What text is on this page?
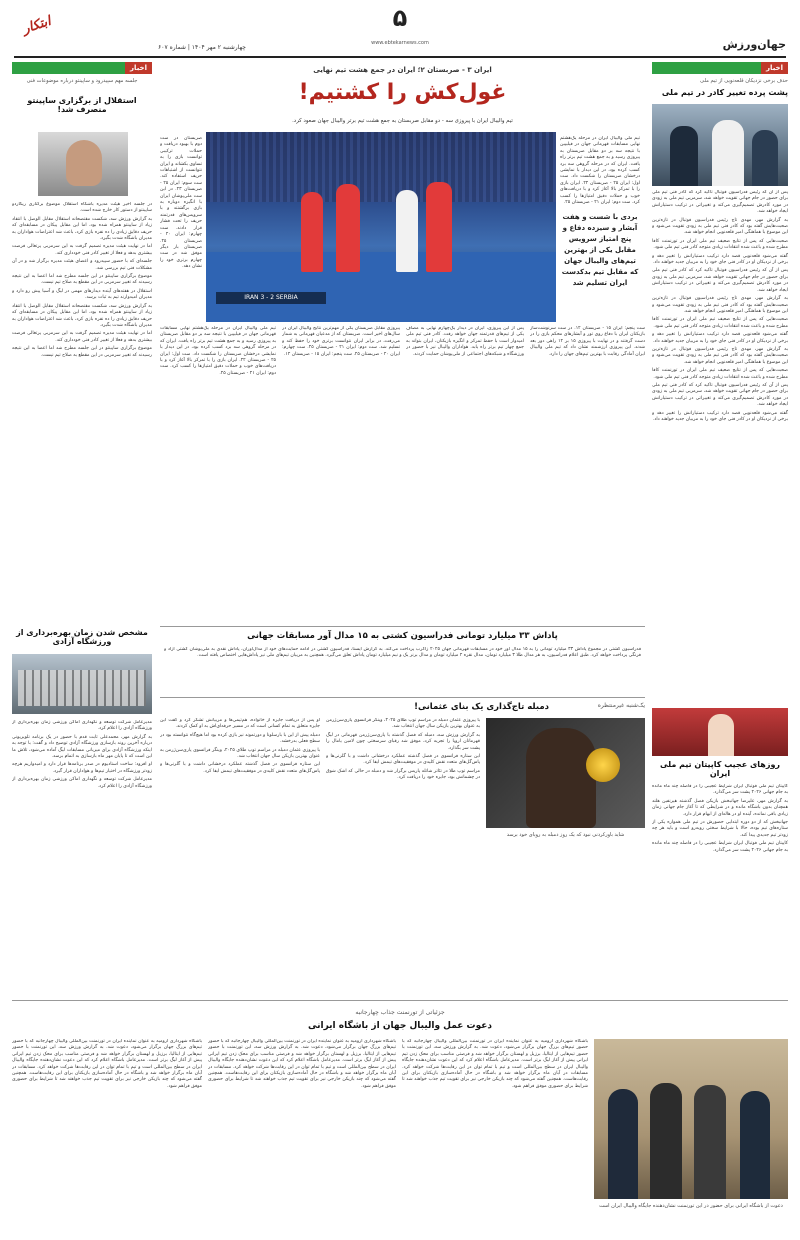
ابتکار
چهارشنبه ۲ مهر ۱۴۰۴ | شماره ۶۰۷
۵
www.ebtekarnews.com	جهان‌ورزش
اخبار
حذف برخی نزدیکان قلعه‌نویی از تیم ملی
پشت پرده تغییر کادر در تیم ملی

پس از آن که رئیس فدراسیون فوتبال تاکید کرد که کادر فنی تیم ملی برای حضور در جام جهانی تقویت خواهد شد، سرمربی تیم ملی به زودی در مورد کادرش تصمیم‌گیری می‌کند و تغییراتی در ترکیب دستیارانش ایجاد خواهد شد.

به گزارش مهر، مهدی تاج رئیس فدراسیون فوتبال در تازه‌ترین صحبت‌هایش گفته بود که کادر فنی تیم ملی به زودی تقویت می‌شود و این موضوع با هماهنگی امیر قلعه‌نویی انجام خواهد شد.

صحبت‌هایی که پس از نتایج ضعیف تیم ملی ایران در تورنمنت کافا مطرح شده و باعث شده انتقادات زیادی متوجه کادر فنی تیم ملی شود.

گفته می‌شود قلعه‌نویی قصد دارد ترکیب دستیارانش را تغییر دهد و برخی از نزدیکان او در کادر فنی جای خود را به مربیان جدید خواهند داد.

پس از آن که رئیس فدراسیون فوتبال تاکید کرد که کادر فنی تیم ملی برای حضور در جام جهانی تقویت خواهد شد، سرمربی تیم ملی به زودی در مورد کادرش تصمیم‌گیری می‌کند و تغییراتی در ترکیب دستیارانش ایجاد خواهد شد.

به گزارش مهر، مهدی تاج رئیس فدراسیون فوتبال در تازه‌ترین صحبت‌هایش گفته بود که کادر فنی تیم ملی به زودی تقویت می‌شود و این موضوع با هماهنگی امیر قلعه‌نویی انجام خواهد شد.

صحبت‌هایی که پس از نتایج ضعیف تیم ملی ایران در تورنمنت کافا مطرح شده و باعث شده انتقادات زیادی متوجه کادر فنی تیم ملی شود.

گفته می‌شود قلعه‌نویی قصد دارد ترکیب دستیارانش را تغییر دهد و برخی از نزدیکان او در کادر فنی جای خود را به مربیان جدید خواهند داد.

به گزارش مهر، مهدی تاج رئیس فدراسیون فوتبال در تازه‌ترین صحبت‌هایش گفته بود که کادر فنی تیم ملی به زودی تقویت می‌شود و این موضوع با هماهنگی امیر قلعه‌نویی انجام خواهد شد.

صحبت‌هایی که پس از نتایج ضعیف تیم ملی ایران در تورنمنت کافا مطرح شده و باعث شده انتقادات زیادی متوجه کادر فنی تیم ملی شود.

پس از آن که رئیس فدراسیون فوتبال تاکید کرد که کادر فنی تیم ملی برای حضور در جام جهانی تقویت خواهد شد، سرمربی تیم ملی به زودی در مورد کادرش تصمیم‌گیری می‌کند و تغییراتی در ترکیب دستیارانش ایجاد خواهد شد.

گفته می‌شود قلعه‌نویی قصد دارد ترکیب دستیارانش را تغییر دهد و برخی از نزدیکان او در کادر فنی جای خود را به مربیان جدید خواهند داد.

روزهای عجیب کاپیتان تیم ملی ایران

کاپیتان تیم ملی فوتبال ایران شرایط عجیبی را در فاصله چند ماه مانده به جام جهانی ۲۰۲۶ پشت سر می‌گذارد.

به گزارش مهر، علیرضا جهانبخش بازیکن فصل گذشته هیرنفین هلند همچنان بدون باشگاه مانده و در شرایطی که تا آغاز جام جهانی زمان زیادی باقی نمانده، آینده او در هاله‌ای از ابهام قرار دارد.

جهانبخش که از دو دوره ابتدایی حضورش در تیم ملی همواره یکی از ستاره‌های تیم بوده، حالا با شرایط سختی روبه‌رو است و باید هر چه زودتر تیم جدیدی پیدا کند.

کاپیتان تیم ملی فوتبال ایران شرایط عجیبی را در فاصله چند ماه مانده به جام جهانی ۲۰۲۶ پشت سر می‌گذارد.

اخبار
جلسه مهم سپیدرود و ساپینتو درباره موضوعات فنی
استقلال از برگزاری ساپینتو منصرف شد!

در جلسه اخیر هیئت مدیره باشگاه استقلال موضوع برکناری ریکاردو ساپینتو از دستور کار خارج شده است.

به گزارش ورزش سه، شکست مقتضحانه استقلال مقابل الوصل با انتقاد زیاد از ساپینتو همراه شده بود، اما این مقابل پیکان در مسابقه‌ای که حریف دقایق زیادی را ده نفره بازی کرد، باعث شد اعتراضات هواداران به مدیران باشگاه شدت بگیرد.

اما در نهایت هیئت مدیره تصمیم گرفت به این سرمربی پرتغالی فرصت بیشتری بدهد و فعلا از تغییر کادر فنی خودداری کند.

جلسه‌ای که با حضور سپیدرود و اعضای هیئت مدیره برگزار شد و در آن مشکلات فنی تیم بررسی شد.

موضوع برگزاری ساپینتو در این جلسه مطرح شد اما اعضا به این نتیجه رسیدند که تغییر سرمربی در این مقطع به صلاح تیم نیست.

استقلال در هفته‌های آینده دیدارهای مهمی در لیگ و آسیا پیش رو دارد و مدیران امیدوارند تیم به ثبات برسد.

به گزارش ورزش سه، شکست مقتضحانه استقلال مقابل الوصل با انتقاد زیاد از ساپینتو همراه شده بود، اما این مقابل پیکان در مسابقه‌ای که حریف دقایق زیادی را ده نفره بازی کرد، باعث شد اعتراضات هواداران به مدیران باشگاه شدت بگیرد.

اما در نهایت هیئت مدیره تصمیم گرفت به این سرمربی پرتغالی فرصت بیشتری بدهد و فعلا از تغییر کادر فنی خودداری کند.

موضوع برگزاری ساپینتو در این جلسه مطرح شد اما اعضا به این نتیجه رسیدند که تغییر سرمربی در این مقطع به صلاح تیم نیست.

مشخص شدن زمان بهره‌برداری از ورزشگاه آزادی

مدیرعامل شرکت توسعه و نگهداری اماکن ورزشی زمان بهره‌برداری از ورزشگاه آزادی را اعلام کرد.

به گزارش مهر، محمدعلی ثابت قدم با حضور در یک برنامه تلویزیونی درباره آخرین روند بازسازی ورزشگاه آزادی توضیح داد و گفت: با توجه به اینکه ورزشگاه آزادی برای میزبانی مسابقات لیگ آماده می‌شود، تلاش ما این است که تا پایان مهر ماه بازسازی به اتمام برسد.

او افزود: ساخت استادیوم در صدر برنامه‌ها قرار دارد و امیدواریم هرچه زودتر ورزشگاه در اختیار تیم‌ها و هواداران قرار گیرد.

مدیرعامل شرکت توسعه و نگهداری اماکن ورزشی زمان بهره‌برداری از ورزشگاه آزادی را اعلام کرد.

ایران ۳ - صربستان ۲؛ ایران در جمع هشت تیم نهایی
غول‌کش را کشتیم!
تیم والیبال ایران با پیروزی سه - دو مقابل صربستان به جمع هشت تیم برتر والیبال جهان صعود کرد.
IRAN 3 - 2 SERBIA
بردی با شست و هفت آبشار و سیزده دفاع و پنج امتیاز سرویس مقابل یکی از بهترین تیم‌های والیبال جهان که مقابل تیم بدکدست ایران تسلیم شد
تیم ملی والیبال ایران در مرحله یک‌هشتم نهایی مسابقات قهرمانی جهان در فیلیپین با نتیجه سه بر دو مقابل صربستان به پیروزی رسید و به جمع هشت تیم برتر راه یافت. ایران که در مرحله گروهی سه برد کسب کرده بود، در این دیدار با نمایشی درخشان صربستان را شکست داد. ست اول: ایران ۲۵ - صربستان ۲۲. ایران بازی را با تمرکز بالا آغاز کرد و با دریافت‌های خوب و حملات دقیق امتیازها را کسب کرد. ست دوم: ایران ۲۱ - صربستان ۲۵.
صربستان در ست دوم با بهبود دریافت و حملات ترکیبی توانست بازی را به تساوی بکشاند و ایران نتوانست از اشتباهات حریف استفاده کند. ست سوم: ایران ۲۵ - صربستان ۲۳. در این ست ملی‌پوشان ایران با انگیزه دوباره به بازی برگشتند و با سرویس‌های قدرتمند حریف را تحت فشار قرار دادند. ست چهارم: ایران ۲۰ - صربستان ۲۵. صربستان بار دیگر موفق شد در ست چهارم برتری خود را نشان دهد.
ست پنجم: ایران ۱۵ - صربستان ۱۲. در ست سرنوشت‌ساز بازیکنان ایران با دفاع روی تور و آبشارهای محکم بازی را در دست گرفتند و در نهایت با پیروزی ۱۵ بر ۱۲ راهی دور بعد شدند. این پیروزی ارزشمند نشان داد که تیم ملی والیبال ایران آمادگی رقابت با بهترین تیم‌های جهان را دارد.
پس از این پیروزی، ایران در دیدار یک‌چهارم نهایی به مصاف یکی از تیم‌های قدرتمند جهان خواهد رفت. کادر فنی تیم ملی امیدوار است با حفظ تمرکز و انگیزه بازیکنان، ایران بتواند به جمع چهار تیم برتر راه یابد. هواداران والیبال نیز با حضور در ورزشگاه و شبکه‌های اجتماعی از ملی‌پوشان حمایت کردند.
پیروزی مقابل صربستان یکی از مهم‌ترین نتایج والیبال ایران در سال‌های اخیر است. صربستان که از مدعیان قهرمانی به شمار می‌رفت، در برابر ایران نتوانست برتری خود را حفظ کند و تسلیم شد. ست دوم: ایران ۲۱ - صربستان ۲۵. ست چهارم: ایران ۲۰ - صربستان ۲۵. ست پنجم: ایران ۱۵ - صربستان ۱۲.
تیم ملی والیبال ایران در مرحله یک‌هشتم نهایی مسابقات قهرمانی جهان در فیلیپین با نتیجه سه بر دو مقابل صربستان به پیروزی رسید و به جمع هشت تیم برتر راه یافت. ایران که در مرحله گروهی سه برد کسب کرده بود، در این دیدار با نمایشی درخشان صربستان را شکست داد. ست اول: ایران ۲۵ - صربستان ۲۲. ایران بازی را با تمرکز بالا آغاز کرد و با دریافت‌های خوب و حملات دقیق امتیازها را کسب کرد. ست دوم: ایران ۲۱ - صربستان ۲۵.
پاداش ۳۳ میلیارد تومانی فدراسیون کشتی به ۱۵ مدال آور مسابقات جهانی
فدراسیون کشتی در مجموع پاداش ۳۳ میلیارد تومانی را به ۱۵ مدال آور خود در مسابقات قهرمانی جهان ۲۰۲۵ زاگرب پرداخت می‌کند. به گزارش ایسنا، فدراسیون کشتی در ادامه حمایت‌های خود از مدال‌آوران، پاداش نقدی به ملی‌پوشان کشتی آزاد و فرنگی پرداخت خواهد کرد. طبق اعلام فدراسیون، به هر مدال طلا ۳ میلیارد تومان، مدال نقره ۲ میلیارد تومان و مدال برنز یک و نیم میلیارد تومان پاداش تعلق می‌گیرد. همچنین به مربیان تیم‌های ملی نیز پاداش‌هایی اختصاص یافته است.
یک‌شنبه غیرمنتظره
دمبله تاج‌گذاری یک بنای عثمانی!
شاید باورکردنی نبود که یک روز دمبله به رویای خود برسد

با پیروزی عثمان دمبله در مراسم توپ طلای ۲۰۲۵، وینگر فرانسوی پاری‌سن‌ژرمن به عنوان بهترین بازیکن سال جهان انتخاب شد.

به گزارش ورزش سه، دمبله که فصل گذشته با پاری‌سن‌ژرمن قهرمانی در لیگ قهرمانان اروپا را تجربه کرد، موفق شد رقبای سرسختی چون لامین یامال را پشت سر بگذارد.

این ستاره فرانسوی در فصل گذشته عملکرد درخشانی داشت و با گلزنی‌ها و پاس‌گل‌های متعدد نقش کلیدی در موفقیت‌های تیمش ایفا کرد.

مراسم توپ طلا در تئاتر شاتله پاریس برگزار شد و دمبله در حالی که اشک شوق در چشمانش بود، جایزه خود را دریافت کرد.

او پس از دریافت جایزه از خانواده، هم‌تیمی‌ها و مربیانش تشکر کرد و گفت این جایزه متعلق به تمام کسانی است که در مسیر حرفه‌ای‌اش به او کمک کردند.

دمبله پیش از این با بارسلونا و دورتموند نیز بازی کرده بود اما هیچ‌گاه نتوانسته بود در سطح فعلی بدرخشد.

با پیروزی عثمان دمبله در مراسم توپ طلای ۲۰۲۵، وینگر فرانسوی پاری‌سن‌ژرمن به عنوان بهترین بازیکن سال جهان انتخاب شد.

این ستاره فرانسوی در فصل گذشته عملکرد درخشانی داشت و با گلزنی‌ها و پاس‌گل‌های متعدد نقش کلیدی در موفقیت‌های تیمش ایفا کرد.

جزئیاتی از تورنمنت جذاب چهارجانبه
دعوت عمل والیبال جهان از باشگاه ایرانی
دعوت از باشگاه ایرانی برای حضور در این تورنمنت نشان‌دهنده جایگاه والیبال ایران است
باشگاه شهرداری ارومیه به عنوان نماینده ایران در تورنمنت بین‌المللی والیبال چهارجانبه که با حضور تیم‌های بزرگ جهان برگزار می‌شود، دعوت شد. به گزارش ورزش سه، این تورنمنت با حضور تیم‌هایی از ایتالیا، برزیل و لهستان برگزار خواهد شد و فرصتی مناسب برای محک زدن تیم ایرانی پیش از آغاز لیگ برتر است. مدیرعامل باشگاه اعلام کرد که این دعوت نشان‌دهنده جایگاه والیبال ایران در سطح بین‌المللی است و تیم با تمام توان در این رقابت‌ها شرکت خواهد کرد. مسابقات در آبان ماه برگزار خواهد شد و باشگاه در حال آماده‌سازی بازیکنان برای این رقابت‌هاست. همچنین گفته می‌شود که چند بازیکن خارجی نیز برای تقویت تیم جذب خواهند شد تا شرایط برای حضوری موفق فراهم شود.
باشگاه شهرداری ارومیه به عنوان نماینده ایران در تورنمنت بین‌المللی والیبال چهارجانبه که با حضور تیم‌های بزرگ جهان برگزار می‌شود، دعوت شد. به گزارش ورزش سه، این تورنمنت با حضور تیم‌هایی از ایتالیا، برزیل و لهستان برگزار خواهد شد و فرصتی مناسب برای محک زدن تیم ایرانی پیش از آغاز لیگ برتر است. مدیرعامل باشگاه اعلام کرد که این دعوت نشان‌دهنده جایگاه والیبال ایران در سطح بین‌المللی است و تیم با تمام توان در این رقابت‌ها شرکت خواهد کرد. مسابقات در آبان ماه برگزار خواهد شد و باشگاه در حال آماده‌سازی بازیکنان برای این رقابت‌هاست. همچنین گفته می‌شود که چند بازیکن خارجی نیز برای تقویت تیم جذب خواهند شد تا شرایط برای حضوری موفق فراهم شود.
باشگاه شهرداری ارومیه به عنوان نماینده ایران در تورنمنت بین‌المللی والیبال چهارجانبه که با حضور تیم‌های بزرگ جهان برگزار می‌شود، دعوت شد. به گزارش ورزش سه، این تورنمنت با حضور تیم‌هایی از ایتالیا، برزیل و لهستان برگزار خواهد شد و فرصتی مناسب برای محک زدن تیم ایرانی پیش از آغاز لیگ برتر است. مدیرعامل باشگاه اعلام کرد که این دعوت نشان‌دهنده جایگاه والیبال ایران در سطح بین‌المللی است و تیم با تمام توان در این رقابت‌ها شرکت خواهد کرد. مسابقات در آبان ماه برگزار خواهد شد و باشگاه در حال آماده‌سازی بازیکنان برای این رقابت‌هاست. همچنین گفته می‌شود که چند بازیکن خارجی نیز برای تقویت تیم جذب خواهند شد تا شرایط برای حضوری موفق فراهم شود.
